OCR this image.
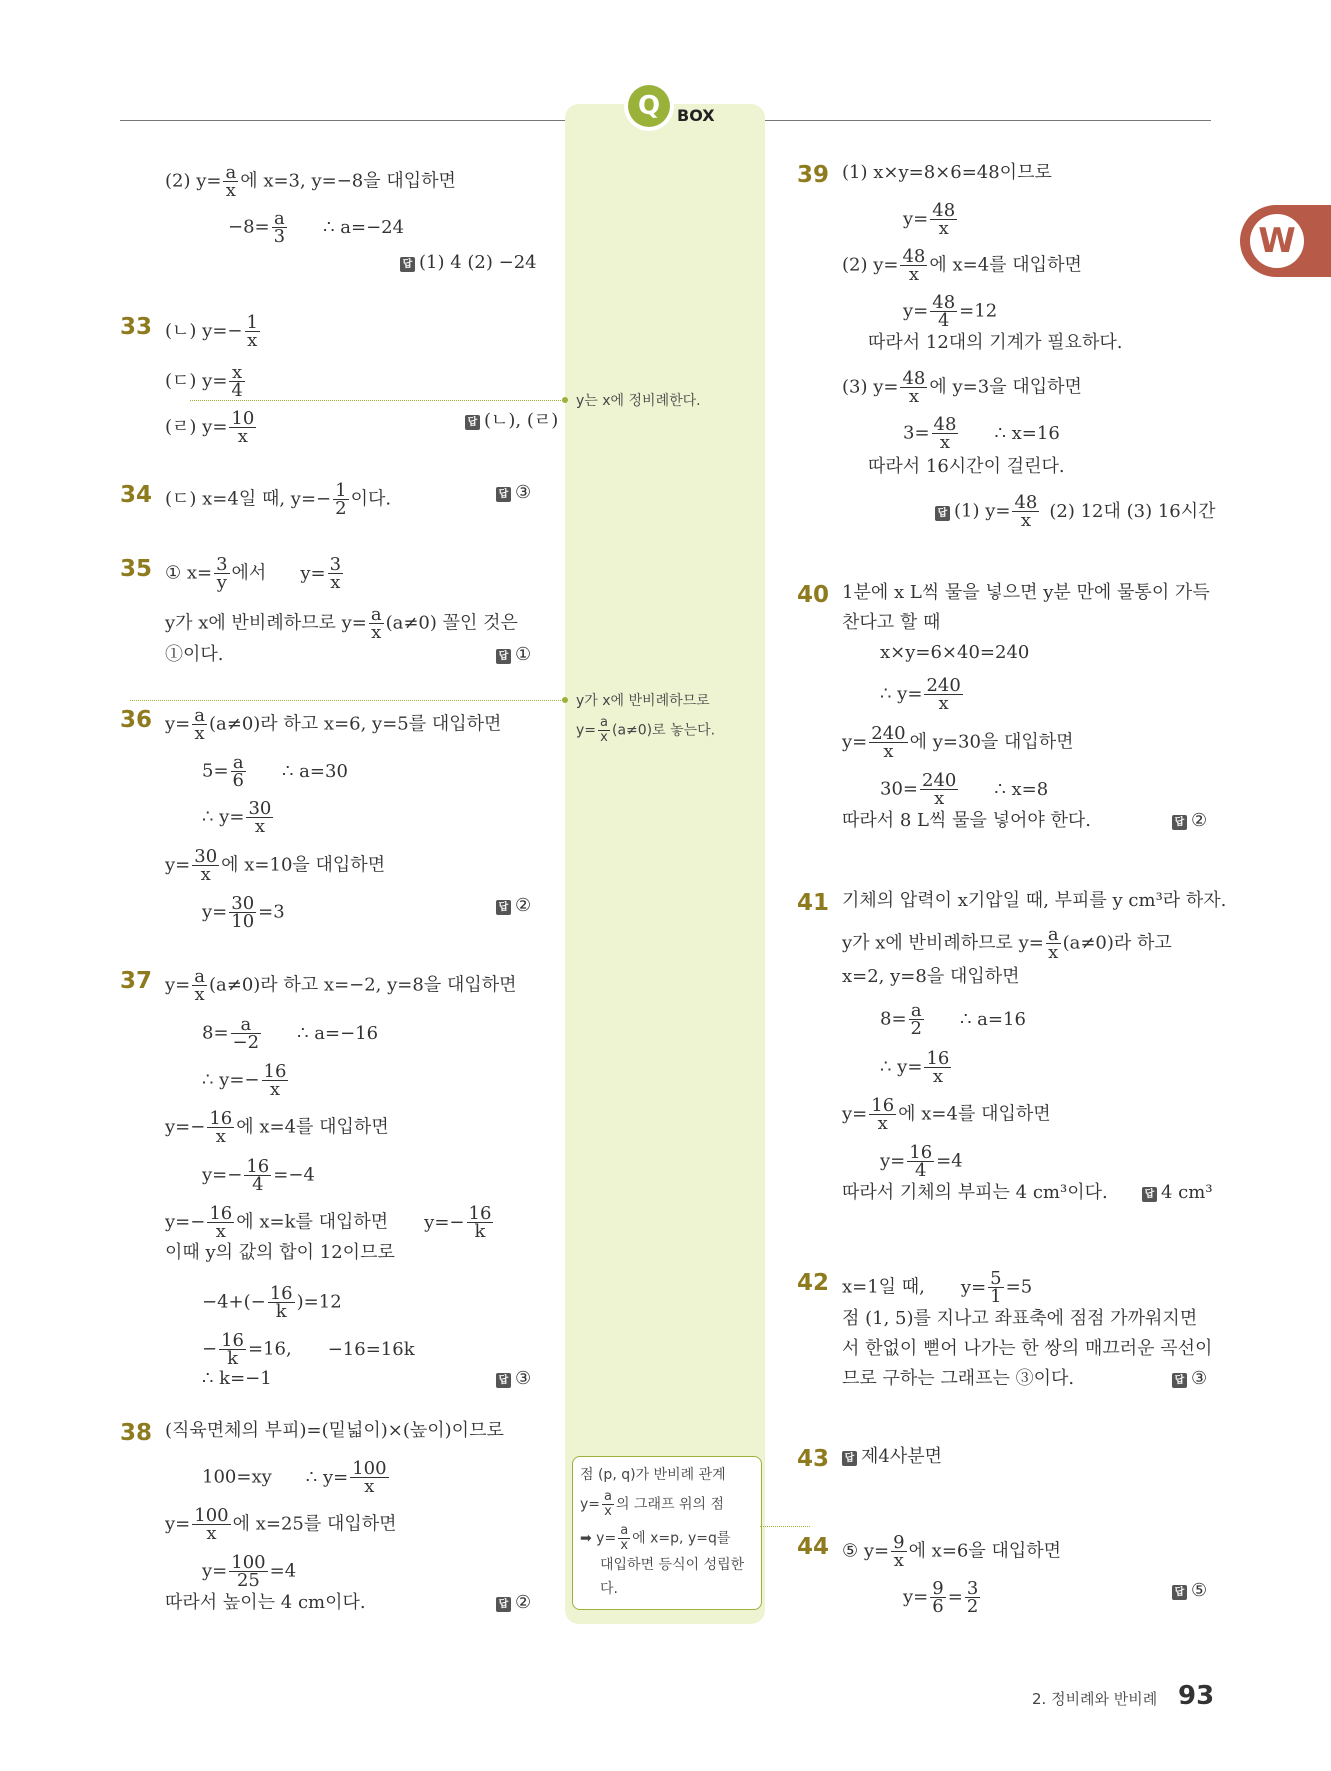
Q	BOX
W
(2) $y= \frac{a}{x}$ 에 x=3, y=−8을 대입하면
$-8= \frac{a}{3}$ ∴ a=−24
답 (1) 4 (2) −24
33 (ㄴ) $y=- \frac{1}{x}$
(ㄷ) $y= \frac{x}{4}$
(ㄹ) $y= \frac{10}{x}$	답 (ㄴ), (ㄹ)
34 (ㄷ) x=4일 때, $y=- \frac{1}{2}$ 이다.	답 ③
35 ① $x= \frac{3}{y}$ 에서 $y= \frac{3}{x}$
y가 x에 반비례하므로 $y= \frac{a}{x} (a\ne 0)$ 꼴인 것은
①이다.	답 ①
36 $y= \frac{a}{x} (a\ne 0)$라 하고 x=6, y=5를 대입하면
$5= \frac{a}{6}$ ∴ a=30
∴ $y= \frac{30}{x}$
$y= \frac{30}{x}$ 에 x=10을 대입하면
$y= \frac{30}{10} =3$	답 ②
37 $y= \frac{a}{x} (a\ne 0)$라 하고 x=−2, y=8을 대입하면
$8= \frac{a}{-2}$ ∴ a=−16
∴ $y=- \frac{16}{x}$
$y=- \frac{16}{x}$ 에 x=4를 대입하면
$y=- \frac{16}{4} =-4$
$y=- \frac{16}{x}$ 에 x=k를 대입하면 $y=- \frac{16}{k}$
이때 y의 값의 합이 12이므로
$-4+(- \frac{16}{k} )=12$
− $\frac{16}{k} =16$, −16=16k
∴ k=−1	답 ③
38 (직육면체의 부피)=(밑넓이)×(높이)이므로
100=xy ∴ $y= \frac{100}{x}$
$y= \frac{100}{x}$ 에 x=25를 대입하면
$y= \frac{100}{25} =4$
따라서 높이는 4 cm이다.	답 ②
y는 x에 정비례한다.
y가 x에 반비례하므로
$y= \frac{a}{x} (a\ne 0)$로 놓는다.
점 (p, q)가 반비례 관계
$y= \frac{a}{x}$ 의 그래프 위의 점
➡ $y= \frac{a}{x}$ 에 x=p, y=q를
대입하면 등식이 성립한
다.
39 (1) x×y=8×6=48이므로
$y= \frac{48}{x}$
(2) $y= \frac{48}{x}$ 에 x=4를 대입하면
$y= \frac{48}{4} =12$
따라서 12대의 기계가 필요하다.
(3) $y= \frac{48}{x}$ 에 y=3을 대입하면
$3= \frac{48}{x}$ ∴ x=16
따라서 16시간이 걸린다.
답 (1) $y= \frac{48}{x} (2)$ 12대 (3) 16시간
40 1분에 x L씩 물을 넣으면 y분 만에 물통이 가득
찬다고 할 때
x×y=6×40=240
∴ $y= \frac{240}{x}$
$y= \frac{240}{x}$ 에 y=30을 대입하면
$30= \frac{240}{x}$ ∴ x=8
따라서 8 L씩 물을 넣어야 한다.	답 ②
41 기체의 압력이 x기압일 때, 부피를 y cm³라 하자.
y가 x에 반비례하므로 $y= \frac{a}{x} (a\ne 0)$라 하고
x=2, y=8을 대입하면
$8= \frac{a}{2}$ ∴ a=16
∴ $y= \frac{16}{x}$
$y= \frac{16}{x}$ 에 x=4를 대입하면
$y= \frac{16}{4} =4$
따라서 기체의 부피는 4 cm³이다.	답 4 cm³
42 x=1일 때, $y= \frac{5}{1} =5$
점 (1, 5)를 지나고 좌표축에 점점 가까워지면
서 한없이 뻗어 나가는 한 쌍의 매끄러운 곡선이
므로 구하는 그래프는 ③이다.	답 ③
43 답 제4사분면
44 ⑤ $y= \frac{9}{x}$ 에 x=6을 대입하면
$y= \frac{9}{6} = \frac{3}{2}$	답 ⑤
2. 정비례와 반비례 93
